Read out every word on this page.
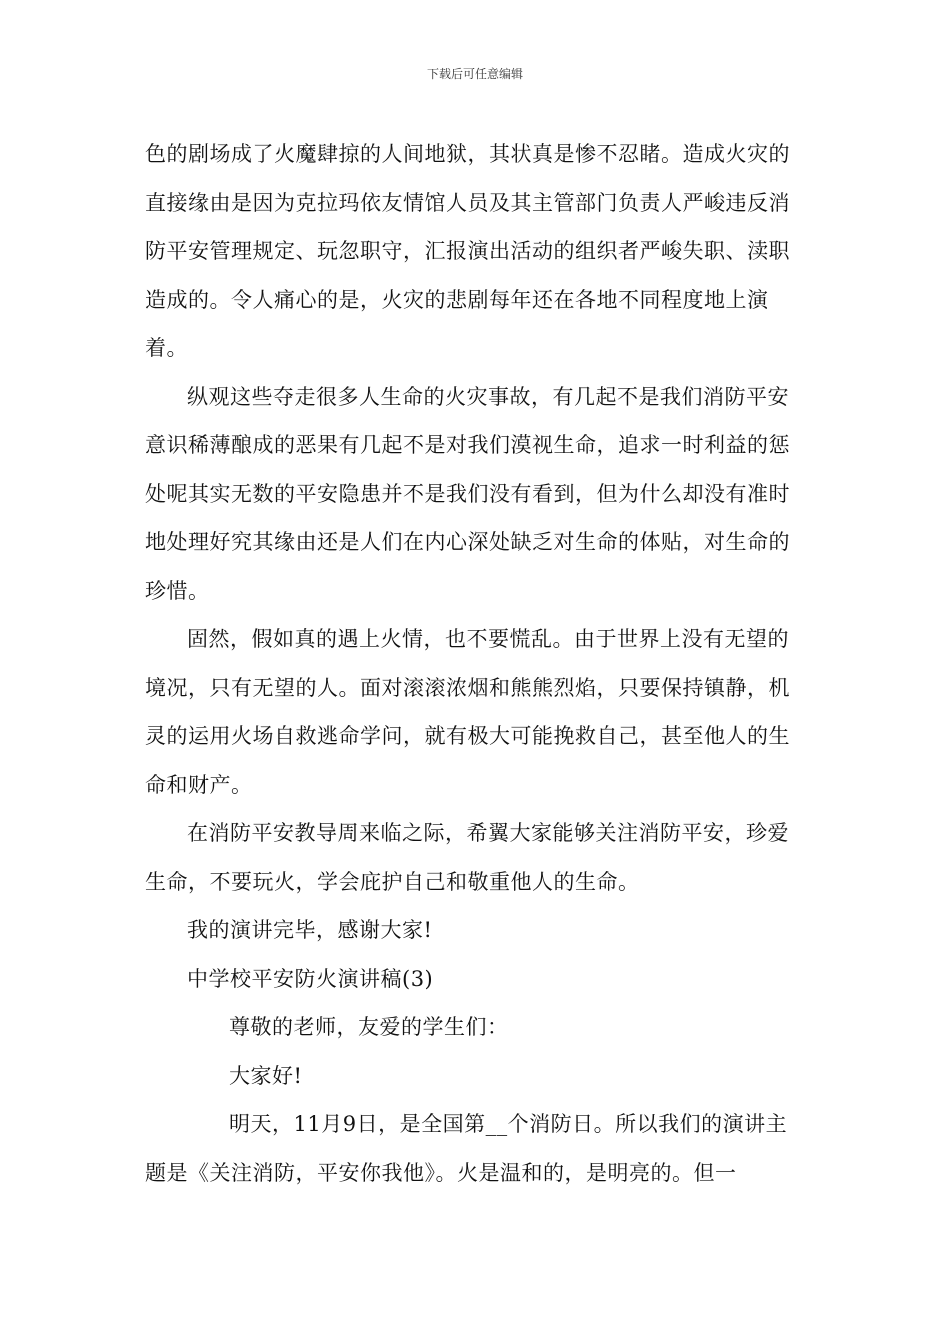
下载后可任意编辑

色的剧场成了火魔肆掠的人间地狱，其状真是惨不忍睹。造成火灾的直接缘由是因为克拉玛依友情馆人员及其主管部门负责人严峻违反消防平安管理规定、玩忽职守，汇报演出活动的组织者严峻失职、渎职造成的。令人痛心的是，火灾的悲剧每年还在各地不同程度地上演着。

纵观这些夺走很多人生命的火灾事故，有几起不是我们消防平安意识稀薄酿成的恶果有几起不是对我们漠视生命，追求一时利益的惩处呢其实无数的平安隐患并不是我们没有看到，但为什么却没有准时地处理好究其缘由还是人们在内心深处缺乏对生命的体贴，对生命的珍惜。

固然，假如真的遇上火情，也不要慌乱。由于世界上没有无望的境况，只有无望的人。面对滚滚浓烟和熊熊烈焰，只要保持镇静，机灵的运用火场自救逃命学问，就有极大可能挽救自己，甚至他人的生命和财产。

在消防平安教导周来临之际，希翼大家能够关注消防平安，珍爱生命，不要玩火，学会庇护自己和敬重他人的生命。

我的演讲完毕，感谢大家!

中学校平安防火演讲稿(3)

尊敬的老师，友爱的学生们：

大家好!

明天，11月9日，是全国第__个消防日。所以我们的演讲主题是《关注消防，平安你我他》。火是温和的，是明亮的。但一
